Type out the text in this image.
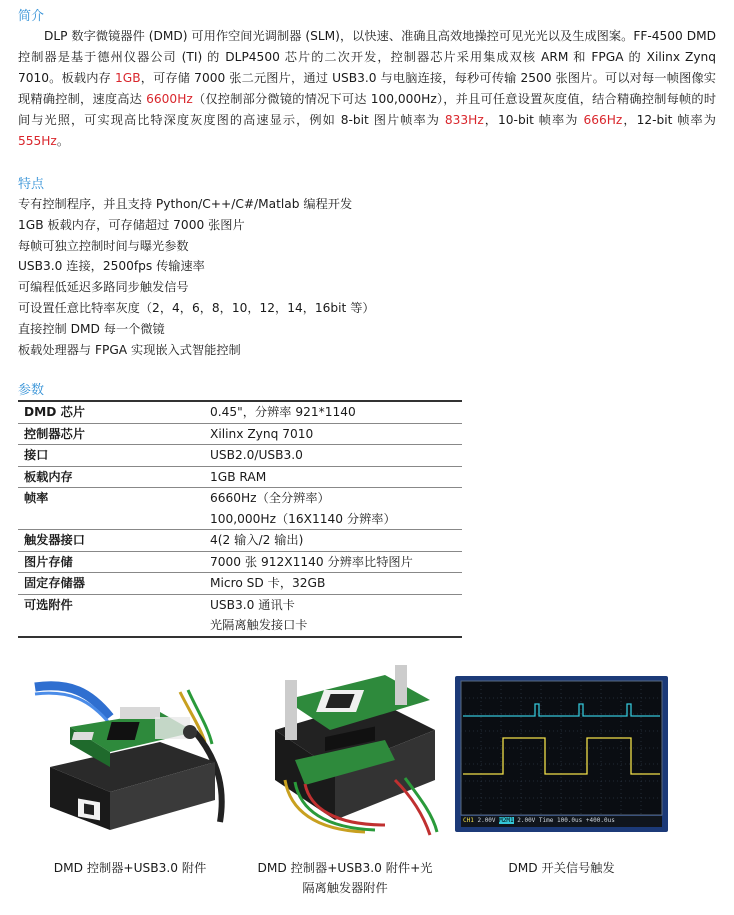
简介

DLP 数字微镜器件 (DMD) 可用作空间光调制器 (SLM)，以快速、准确且高效地操控可见光光以及生成图案。FF-4500 DMD 控制器是基于德州仪器公司 (TI) 的 DLP4500 芯片的二次开发，控制器芯片采用集成双核 ARM 和 FPGA 的 Xilinx Zynq 7010。板载内存 1GB，可存储 7000 张二元图片，通过 USB3.0 与电脑连接，每秒可传输 2500 张图片。可以对每一帧图像实现精确控制，速度高达 6600Hz（仅控制部分微镜的情况下可达 100,000Hz），并且可任意设置灰度值，结合精确控制每帧的时间与光照，可实现高比特深度灰度图的高速显示，例如 8-bit 图片帧率为 833Hz，10-bit 帧率为 666Hz，12-bit 帧率为 555Hz。

特点
专有控制程序，并且支持 Python/C++/C#/Matlab 编程开发
1GB 板载内存，可存储超过 7000 张图片
每帧可独立控制时间与曝光参数
USB3.0 连接，2500fps 传输速率
可编程低延迟多路同步触发信号
可设置任意比特率灰度（2，4，6，8，10，12，14，16bit 等）
直接控制 DMD 每一个微镜
板载处理器与 FPGA 实现嵌入式智能控制
参数
DMD 芯片	0.45"，分辨率 921*1140
控制器芯片	Xilinx Zynq 7010
接口	USB2.0/USB3.0
板载内存	1GB RAM
帧率	6660Hz（全分辨率）
100,000Hz（16X1140 分辨率）

触发器接口	4(2 输入/2 输出)
图片存储	7000 张 912X1140 分辨率比特图片
固定存储器	Micro SD 卡，32GB
可选附件	USB3.0 通讯卡
光隔离触发接口卡
CH1 2.00V M2M1 2.00V Time 100.0us +400.0us
DMD 控制器+USB3.0 附件	DMD 控制器+USB3.0 附件+光
隔离触发器附件
DMD 开关信号触发
